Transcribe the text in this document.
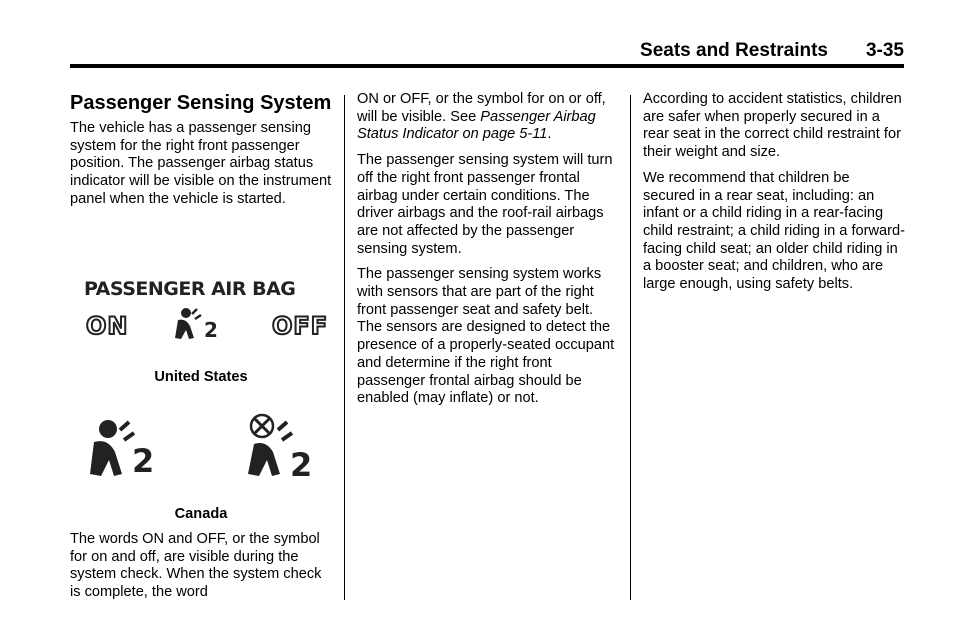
Seats and Restraints 3-35
Passenger Sensing System

The vehicle has a passenger sensing system for the right front passenger position. The passenger airbag status indicator will be visible on the instrument panel when the vehicle is started.

PASSENGER AIR BAG
ON	2 OFF
United States
2	2
Canada

The words ON and OFF, or the symbol for on and off, are visible during the system check. When the system check is complete, the word

ON or OFF, or the symbol for on or off, will be visible. See Passenger Airbag Status Indicator on page 5-11.

The passenger sensing system will turn off the right front passenger frontal airbag under certain conditions. The driver airbags and the roof-rail airbags are not affected by the passenger sensing system.

The passenger sensing system works with sensors that are part of the right front passenger seat and safety belt. The sensors are designed to detect the presence of a properly-seated occupant and determine if the right front passenger frontal airbag should be enabled (may inflate) or not.

According to accident statistics, children are safer when properly secured in a rear seat in the correct child restraint for their weight and size.

We recommend that children be secured in a rear seat, including: an infant or a child riding in a rear-facing child restraint; a child riding in a forward-facing child seat; an older child riding in a booster seat; and children, who are large enough, using safety belts.
